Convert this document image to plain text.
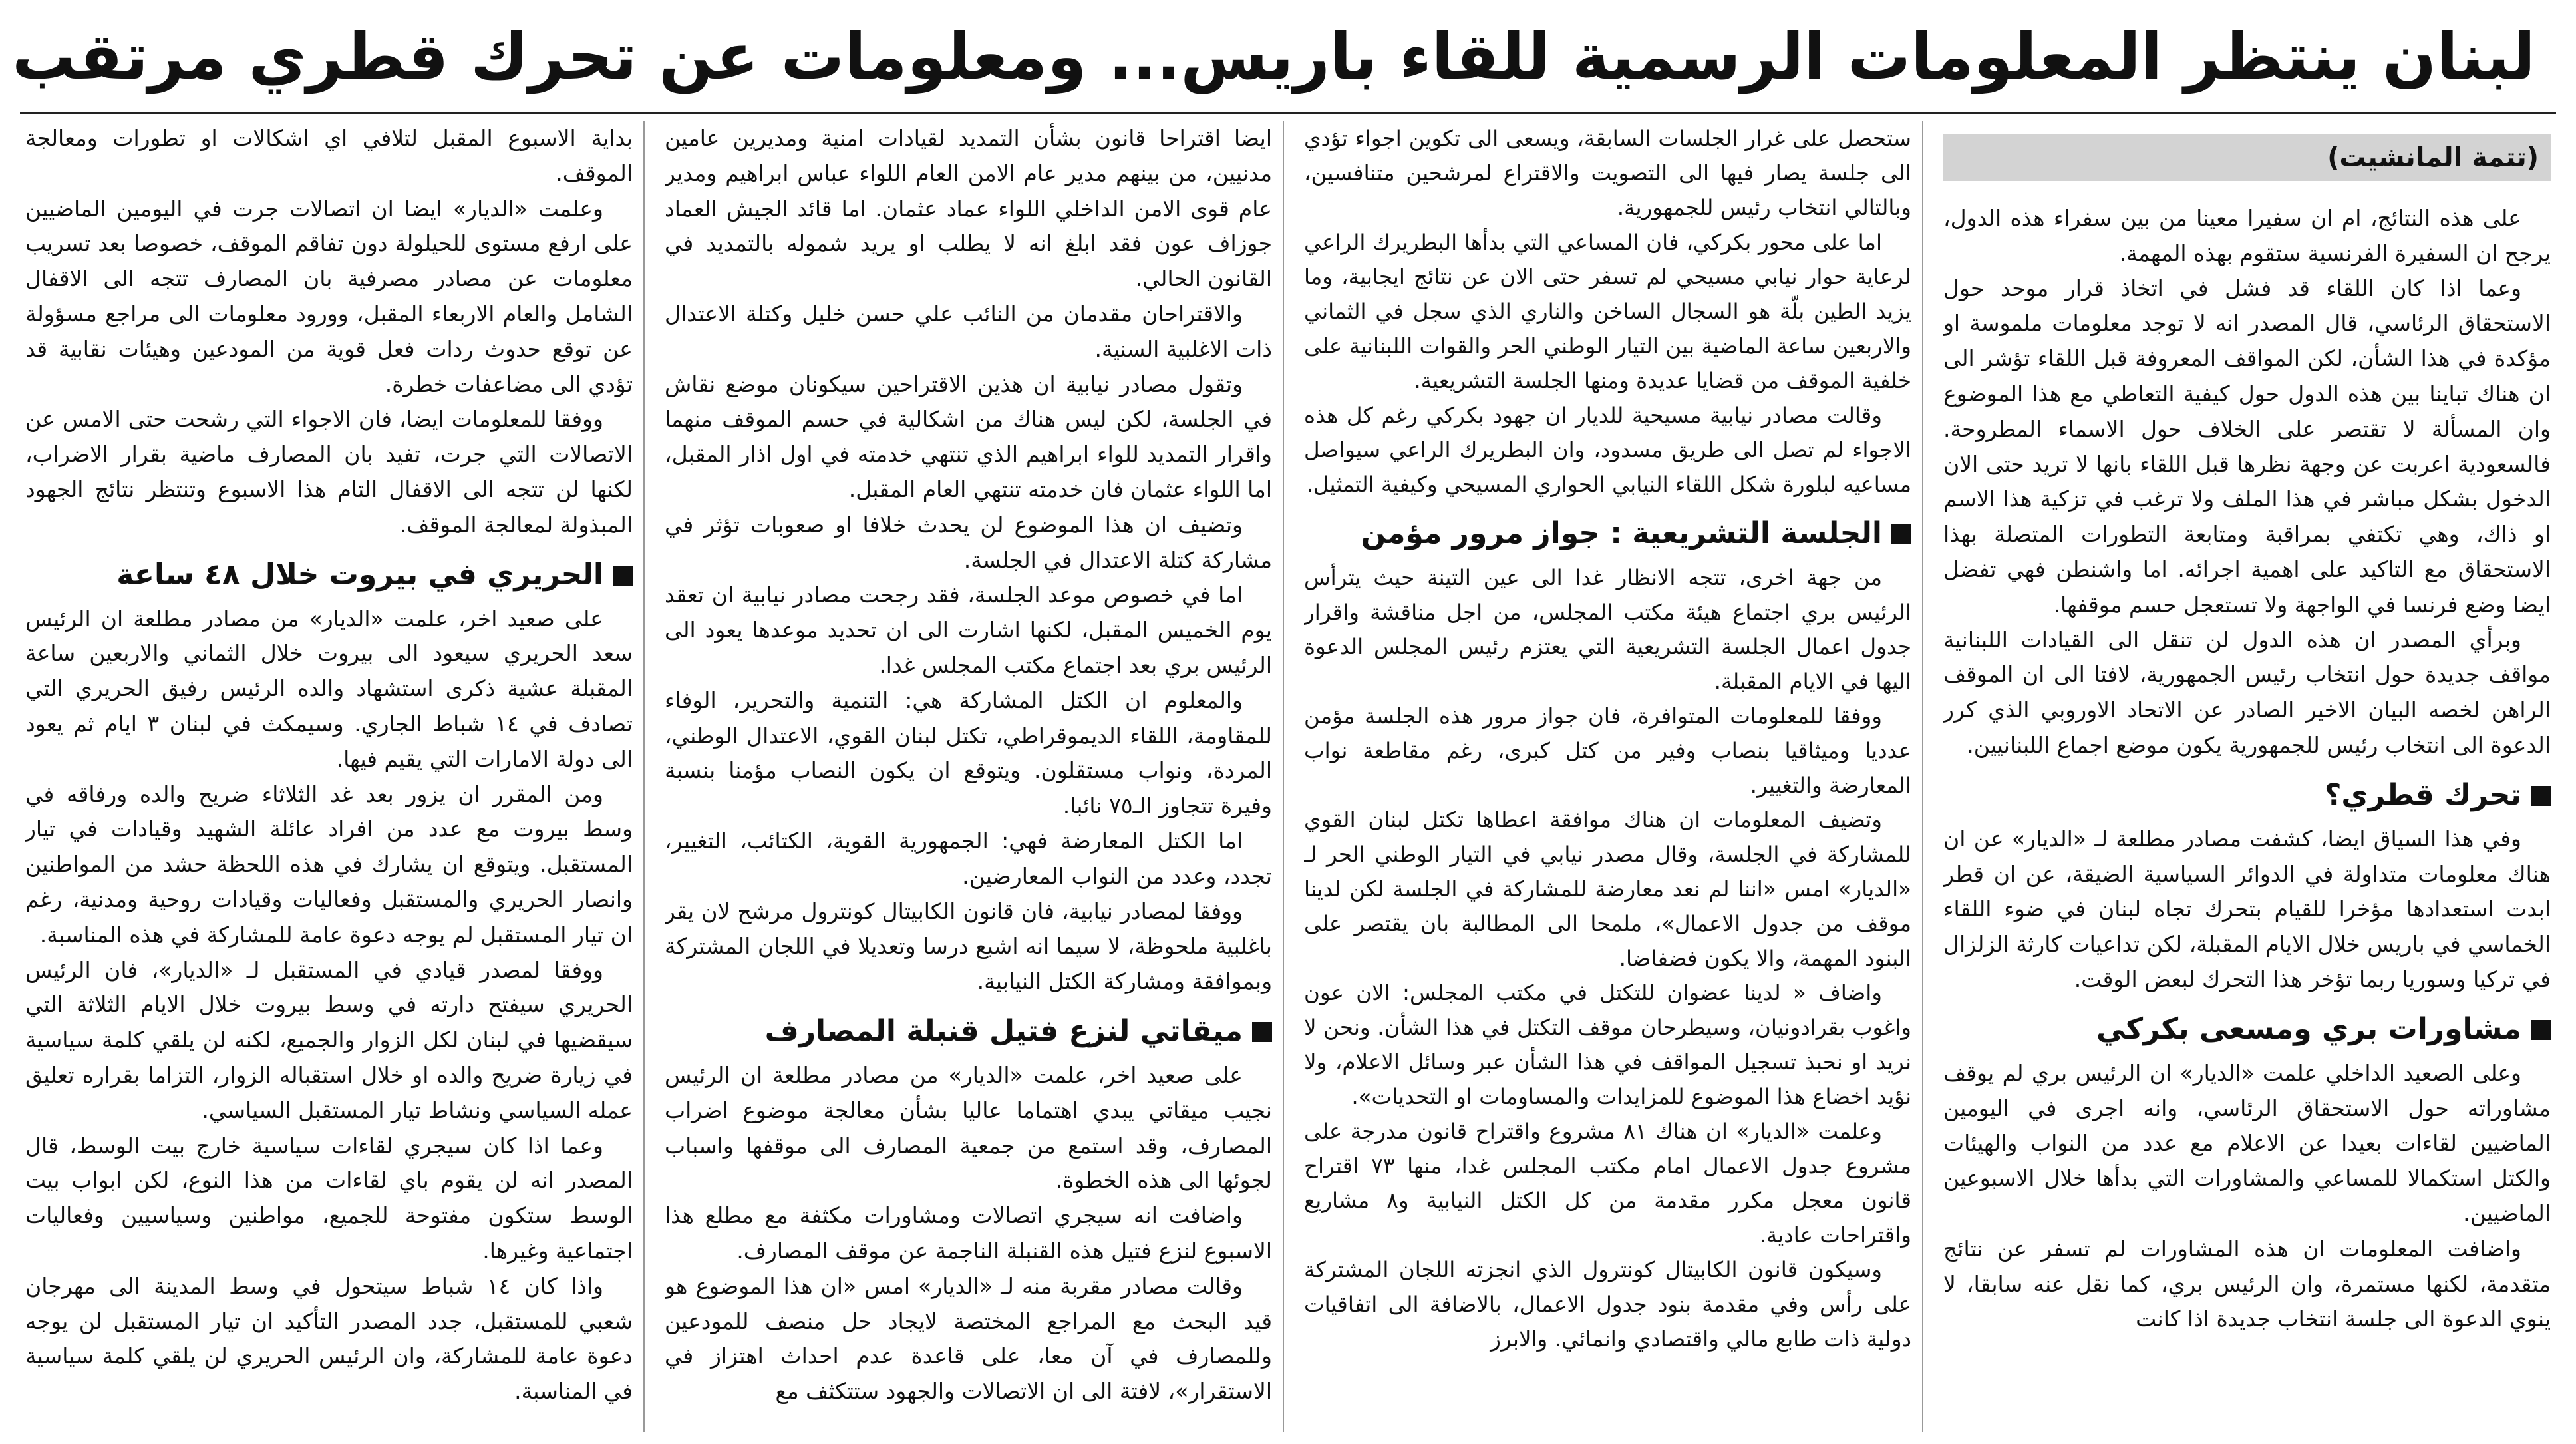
لبنان ينتظر المعلومات الرسمية للقاء باريس... ومعلومات عن تحرك قطري مرتقب
(تتمة المانشيت)

على هذه النتائج، ام ان سفيرا معينا من بين سفراء هذه الدول، يرجح ان السفيرة الفرنسية ستقوم بهذه المهمة.

وعما اذا كان اللقاء قد فشل في اتخاذ قرار موحد حول الاستحقاق الرئاسي، قال المصدر انه لا توجد معلومات ملموسة او مؤكدة في هذا الشأن، لكن المواقف المعروفة قبل اللقاء تؤشر الى ان هناك تباينا بين هذه الدول حول كيفية التعاطي مع هذا الموضوع وان المسألة لا تقتصر على الخلاف حول الاسماء المطروحة. فالسعودية اعربت عن وجهة نظرها قبل اللقاء بانها لا تريد حتى الان الدخول بشكل مباشر في هذا الملف ولا ترغب في تزكية هذا الاسم او ذاك، وهي تكتفي بمراقبة ومتابعة التطورات المتصلة بهذا الاستحقاق مع التاكيد على اهمية اجرائه. اما واشنطن فهي تفضل ايضا وضع فرنسا في الواجهة ولا تستعجل حسم موقفها.

وبرأي المصدر ان هذه الدول لن تنقل الى القيادات اللبنانية مواقف جديدة حول انتخاب رئيس الجمهورية، لافتا الى ان الموقف الراهن لخصه البيان الاخير الصادر عن الاتحاد الاوروبي الذي كرر الدعوة الى انتخاب رئيس للجمهورية يكون موضع اجماع اللبنانيين.

تحرك قطري؟

وفي هذا السياق ايضا، كشفت مصادر مطلعة لـ «الديار» عن ان هناك معلومات متداولة في الدوائر السياسية الضيقة، عن ان قطر ابدت استعدادها مؤخرا للقيام بتحرك تجاه لبنان في ضوء اللقاء الخماسي في باريس خلال الايام المقبلة، لكن تداعيات كارثة الزلزال في تركيا وسوريا ربما تؤخر هذا التحرك لبعض الوقت.

مشاورات بري ومسعى بكركي

وعلى الصعيد الداخلي علمت «الديار» ان الرئيس بري لم يوقف مشاوراته حول الاستحقاق الرئاسي، وانه اجرى في اليومين الماضيين لقاءات بعيدا عن الاعلام مع عدد من النواب والهيئات والكتل استكمالا للمساعي والمشاورات التي بدأها خلال الاسبوعين الماضيين.

واضافت المعلومات ان هذه المشاورات لم تسفر عن نتائج متقدمة، لكنها مستمرة، وان الرئيس بري، كما نقل عنه سابقا، لا ينوي الدعوة الى جلسة انتخاب جديدة اذا كانت

ستحصل على غرار الجلسات السابقة، ويسعى الى تكوين اجواء تؤدي الى جلسة يصار فيها الى التصويت والاقتراع لمرشحين متنافسين، وبالتالي انتخاب رئيس للجمهورية.

اما على محور بكركي، فان المساعي التي بدأها البطريرك الراعي لرعاية حوار نيابي مسيحي لم تسفر حتى الان عن نتائج ايجابية، وما يزيد الطين بلّة هو السجال الساخن والناري الذي سجل في الثماني والاربعين ساعة الماضية بين التيار الوطني الحر والقوات اللبنانية على خلفية الموقف من قضايا عديدة ومنها الجلسة التشريعية.

وقالت مصادر نيابية مسيحية للديار ان جهود بكركي رغم كل هذه الاجواء لم تصل الى طريق مسدود، وان البطريرك الراعي سيواصل مساعيه لبلورة شكل اللقاء النيابي الحواري المسيحي وكيفية التمثيل.

الجلسة التشريعية : جواز مرور مؤمن

من جهة اخرى، تتجه الانظار غدا الى عين التينة حيث يترأس الرئيس بري اجتماع هيئة مكتب المجلس، من اجل مناقشة واقرار جدول اعمال الجلسة التشريعية التي يعتزم رئيس المجلس الدعوة اليها في الايام المقبلة.

ووفقا للمعلومات المتوافرة، فان جواز مرور هذه الجلسة مؤمن عدديا وميثاقيا بنصاب وفير من كتل كبرى، رغم مقاطعة نواب المعارضة والتغيير.

وتضيف المعلومات ان هناك موافقة اعطاها تكتل لبنان القوي للمشاركة في الجلسة، وقال مصدر نيابي في التيار الوطني الحر لـ «الديار» امس «اننا لم نعد معارضة للمشاركة في الجلسة لكن لدينا موقف من جدول الاعمال»، ملمحا الى المطالبة بان يقتصر على البنود المهمة، والا يكون فضفاضا.

واضاف « لدينا عضوان للتكتل في مكتب المجلس: الان عون واغوب بقرادونيان، وسيطرحان موقف التكتل في هذا الشأن. ونحن لا نريد او نحبذ تسجيل المواقف في هذا الشأن عبر وسائل الاعلام، ولا نؤيد اخضاع هذا الموضوع للمزايدات والمساومات او التحديات».

وعلمت «الديار» ان هناك ٨١ مشروع واقتراح قانون مدرجة على مشروع جدول الاعمال امام مكتب المجلس غدا، منها ٧٣ اقتراح قانون معجل مكرر مقدمة من كل الكتل النيابية و٨ مشاريع واقتراحات عادية.

وسيكون قانون الكابيتال كونترول الذي انجزته اللجان المشتركة على رأس وفي مقدمة بنود جدول الاعمال، بالاضافة الى اتفاقيات دولية ذات طابع مالي واقتصادي وانمائي. والابرز

ايضا اقتراحا قانون بشأن التمديد لقيادات امنية ومديرين عامين مدنيين، من بينهم مدير عام الامن العام اللواء عباس ابراهيم ومدير عام قوى الامن الداخلي اللواء عماد عثمان. اما قائد الجيش العماد جوزاف عون فقد ابلغ انه لا يطلب او يريد شموله بالتمديد في القانون الحالي.

والاقتراحان مقدمان من النائب علي حسن خليل وكتلة الاعتدال ذات الاغلبية السنية.

وتقول مصادر نيابية ان هذين الاقتراحين سيكونان موضع نقاش في الجلسة، لكن ليس هناك من اشكالية في حسم الموقف منهما واقرار التمديد للواء ابراهيم الذي تنتهي خدمته في اول اذار المقبل، اما اللواء عثمان فان خدمته تنتهي العام المقبل.

وتضيف ان هذا الموضوع لن يحدث خلافا او صعوبات تؤثر في مشاركة كتلة الاعتدال في الجلسة.

اما في خصوص موعد الجلسة، فقد رجحت مصادر نيابية ان تعقد يوم الخميس المقبل، لكنها اشارت الى ان تحديد موعدها يعود الى الرئيس بري بعد اجتماع مكتب المجلس غدا.

والمعلوم ان الكتل المشاركة هي: التنمية والتحرير، الوفاء للمقاومة، اللقاء الديموقراطي، تكتل لبنان القوي، الاعتدال الوطني، المردة، ونواب مستقلون. ويتوقع ان يكون النصاب مؤمنا بنسبة وفيرة تتجاوز الـ٧٥ نائبا.

اما الكتل المعارضة فهي: الجمهورية القوية، الكتائب، التغيير، تجدد، وعدد من النواب المعارضين.

ووفقا لمصادر نيابية، فان قانون الكابيتال كونترول مرشح لان يقر باغلبية ملحوظة، لا سيما انه اشبع درسا وتعديلا في اللجان المشتركة وبموافقة ومشاركة الكتل النيابية.

ميقاتي لنزع فتيل قنبلة المصارف

على صعيد اخر، علمت «الديار» من مصادر مطلعة ان الرئيس نجيب ميقاتي يبدي اهتماما عاليا بشأن معالجة موضوع اضراب المصارف، وقد استمع من جمعية المصارف الى موقفها واسباب لجوئها الى هذه الخطوة.

واضافت انه سيجري اتصالات ومشاورات مكثفة مع مطلع هذا الاسبوع لنزع فتيل هذه القنبلة الناجمة عن موقف المصارف.

وقالت مصادر مقربة منه لـ «الديار» امس «ان هذا الموضوع هو قيد البحث مع المراجع المختصة لايجاد حل منصف للمودعين وللمصارف في آن معا، على قاعدة عدم احداث اهتزاز في الاستقرار»، لافتة الى ان الاتصالات والجهود ستتكثف مع

بداية الاسبوع المقبل لتلافي اي اشكالات او تطورات ومعالجة الموقف.

وعلمت «الديار» ايضا ان اتصالات جرت في اليومين الماضيين على ارفع مستوى للحيلولة دون تفاقم الموقف، خصوصا بعد تسريب معلومات عن مصادر مصرفية بان المصارف تتجه الى الاقفال الشامل والعام الاربعاء المقبل، وورود معلومات الى مراجع مسؤولة عن توقع حدوث ردات فعل قوية من المودعين وهيئات نقابية قد تؤدي الى مضاعفات خطرة.

ووفقا للمعلومات ايضا، فان الاجواء التي رشحت حتى الامس عن الاتصالات التي جرت، تفيد بان المصارف ماضية بقرار الاضراب، لكنها لن تتجه الى الاقفال التام هذا الاسبوع وتنتظر نتائج الجهود المبذولة لمعالجة الموقف.

الحريري في بيروت خلال ٤٨ ساعة

على صعيد اخر، علمت «الديار» من مصادر مطلعة ان الرئيس سعد الحريري سيعود الى بيروت خلال الثماني والاربعين ساعة المقبلة عشية ذكرى استشهاد والده الرئيس رفيق الحريري التي تصادف في ١٤ شباط الجاري. وسيمكث في لبنان ٣ ايام ثم يعود الى دولة الامارات التي يقيم فيها.

ومن المقرر ان يزور بعد غد الثلاثاء ضريح والده ورفاقه في وسط بيروت مع عدد من افراد عائلة الشهيد وقيادات في تيار المستقبل. ويتوقع ان يشارك في هذه اللحظة حشد من المواطنين وانصار الحريري والمستقبل وفعاليات وقيادات روحية ومدنية، رغم ان تيار المستقبل لم يوجه دعوة عامة للمشاركة في هذه المناسبة.

ووفقا لمصدر قيادي في المستقبل لـ «الديار»، فان الرئيس الحريري سيفتح دارته في وسط بيروت خلال الايام الثلاثة التي سيقضيها في لبنان لكل الزوار والجميع، لكنه لن يلقي كلمة سياسية في زيارة ضريح والده او خلال استقباله الزوار، التزاما بقراره تعليق عمله السياسي ونشاط تيار المستقبل السياسي.

وعما اذا كان سيجري لقاءات سياسية خارج بيت الوسط، قال المصدر انه لن يقوم باي لقاءات من هذا النوع، لكن ابواب بيت الوسط ستكون مفتوحة للجميع، مواطنين وسياسيين وفعاليات اجتماعية وغيرها.

واذا كان ١٤ شباط سيتحول في وسط المدينة الى مهرجان شعبي للمستقبل، جدد المصدر التأكيد ان تيار المستقبل لن يوجه دعوة عامة للمشاركة، وان الرئيس الحريري لن يلقي كلمة سياسية في المناسبة.
